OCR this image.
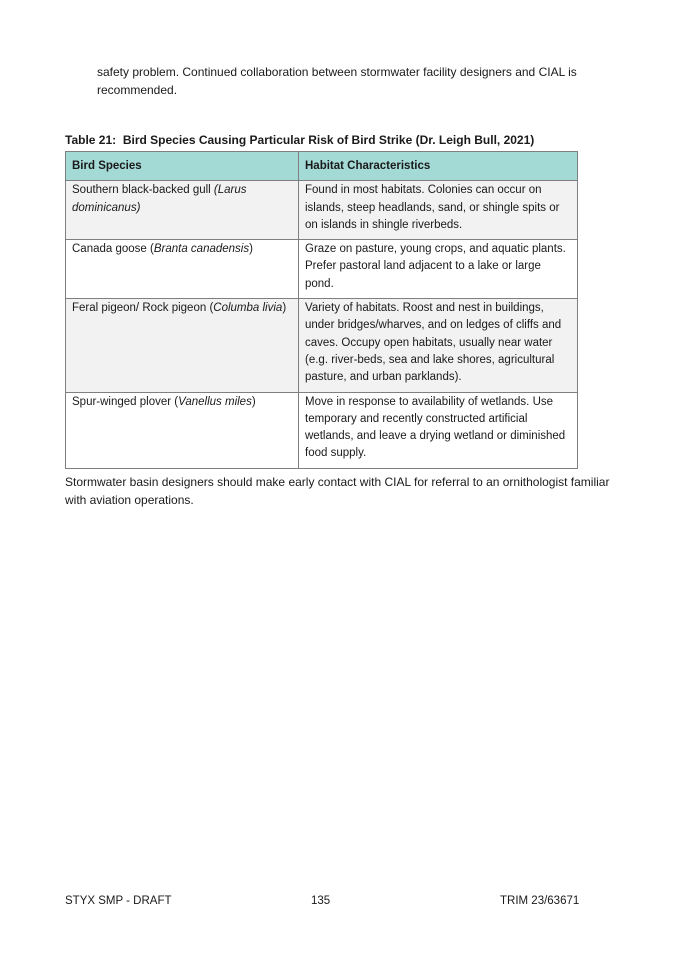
safety problem. Continued collaboration between stormwater facility designers and CIAL is recommended.

Table 21: Bird Species Causing Particular Risk of Bird Strike (Dr. Leigh Bull, 2021)

Bird Species	Habitat Characteristics
Southern black-backed gull (Larus dominicanus)	Found in most habitats. Colonies can occur on islands, steep headlands, sand, or shingle spits or on islands in shingle riverbeds.
Canada goose (Branta canadensis)	Graze on pasture, young crops, and aquatic plants. Prefer pastoral land adjacent to a lake or large pond.
Feral pigeon/ Rock pigeon (Columba livia)	Variety of habitats. Roost and nest in buildings, under bridges/wharves, and on ledges of cliffs and caves. Occupy open habitats, usually near water (e.g. river-beds, sea and lake shores, agricultural pasture, and urban parklands).
Spur-winged plover (Vanellus miles)	Move in response to availability of wetlands. Use temporary and recently constructed artificial wetlands, and leave a drying wetland or diminished food supply.

Stormwater basin designers should make early contact with CIAL for referral to an ornithologist familiar with aviation operations.

STYX SMP - DRAFT	135	TRIM 23/63671
